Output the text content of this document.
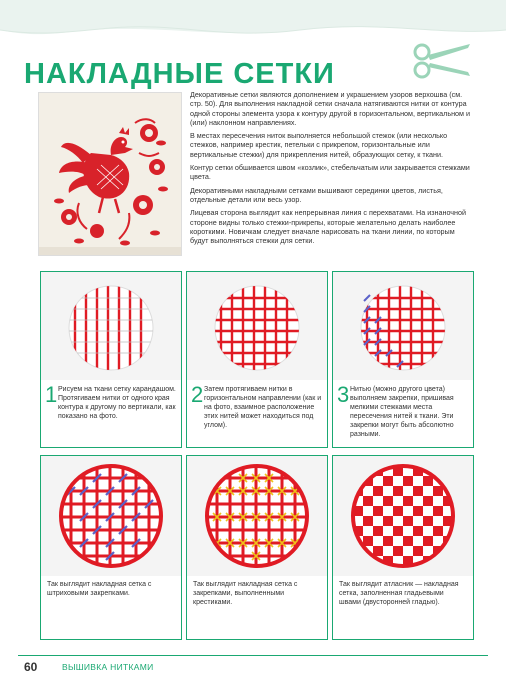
НАКЛАДНЫЕ СЕТКИ

Декоративные сетки являются дополнением и украшением узоров верхошва (см. стр. 50). Для выполнения накладной сетки сначала натягиваются нитки от контура одной стороны элемента узора к контуру другой в горизонтальном, вертикальном и (или) наклонном направлениях.

В местах пересечения ниток выполняется небольшой стежок (или несколько стежков, например крестик, петельки с прикрепом, горизонтальные или вертикальные стежки) для прикрепления нитей, образующих сетку, к ткани.

Контур сетки обшивается швом «козлик», стебельчатым или закрывается стежками цвета.

Декоративными накладными сетками вышивают серединки цветов, листья, отдельные детали или весь узор.

Лицевая сторона выглядит как непрерывная линия с перехватами. На изнаночной стороне видны только стежки-прикрепы, которые желательно делать наиболее короткими. Новичкам следует вначале нарисовать на ткани линии, по которым будут выполняться стежки для сетки.

1 Рисуем на ткани сетку карандашом. Протягиваем нитки от одного края контура к другому по вертикали, как показано на фото.
2 Затем протягиваем нитки в горизонтальном направлении (как и на фото, взаимное расположение этих нитей может находиться под углом).
3 Нитью (можно другого цвета) выполняем закрепки, пришивая мелкими стежками места пересечения нитей к ткани. Эти закрепки могут быть абсолютно разными.
Так выглядит накладная сетка с штриховыми закрепками.
Так выглядит накладная сетка с закрепками, выполненными крестиками.
Так выглядит атласник — накладная сетка, заполненная гладьевыми швами (двусторонней гладью).
60	ВЫШИВКА НИТКАМИ
